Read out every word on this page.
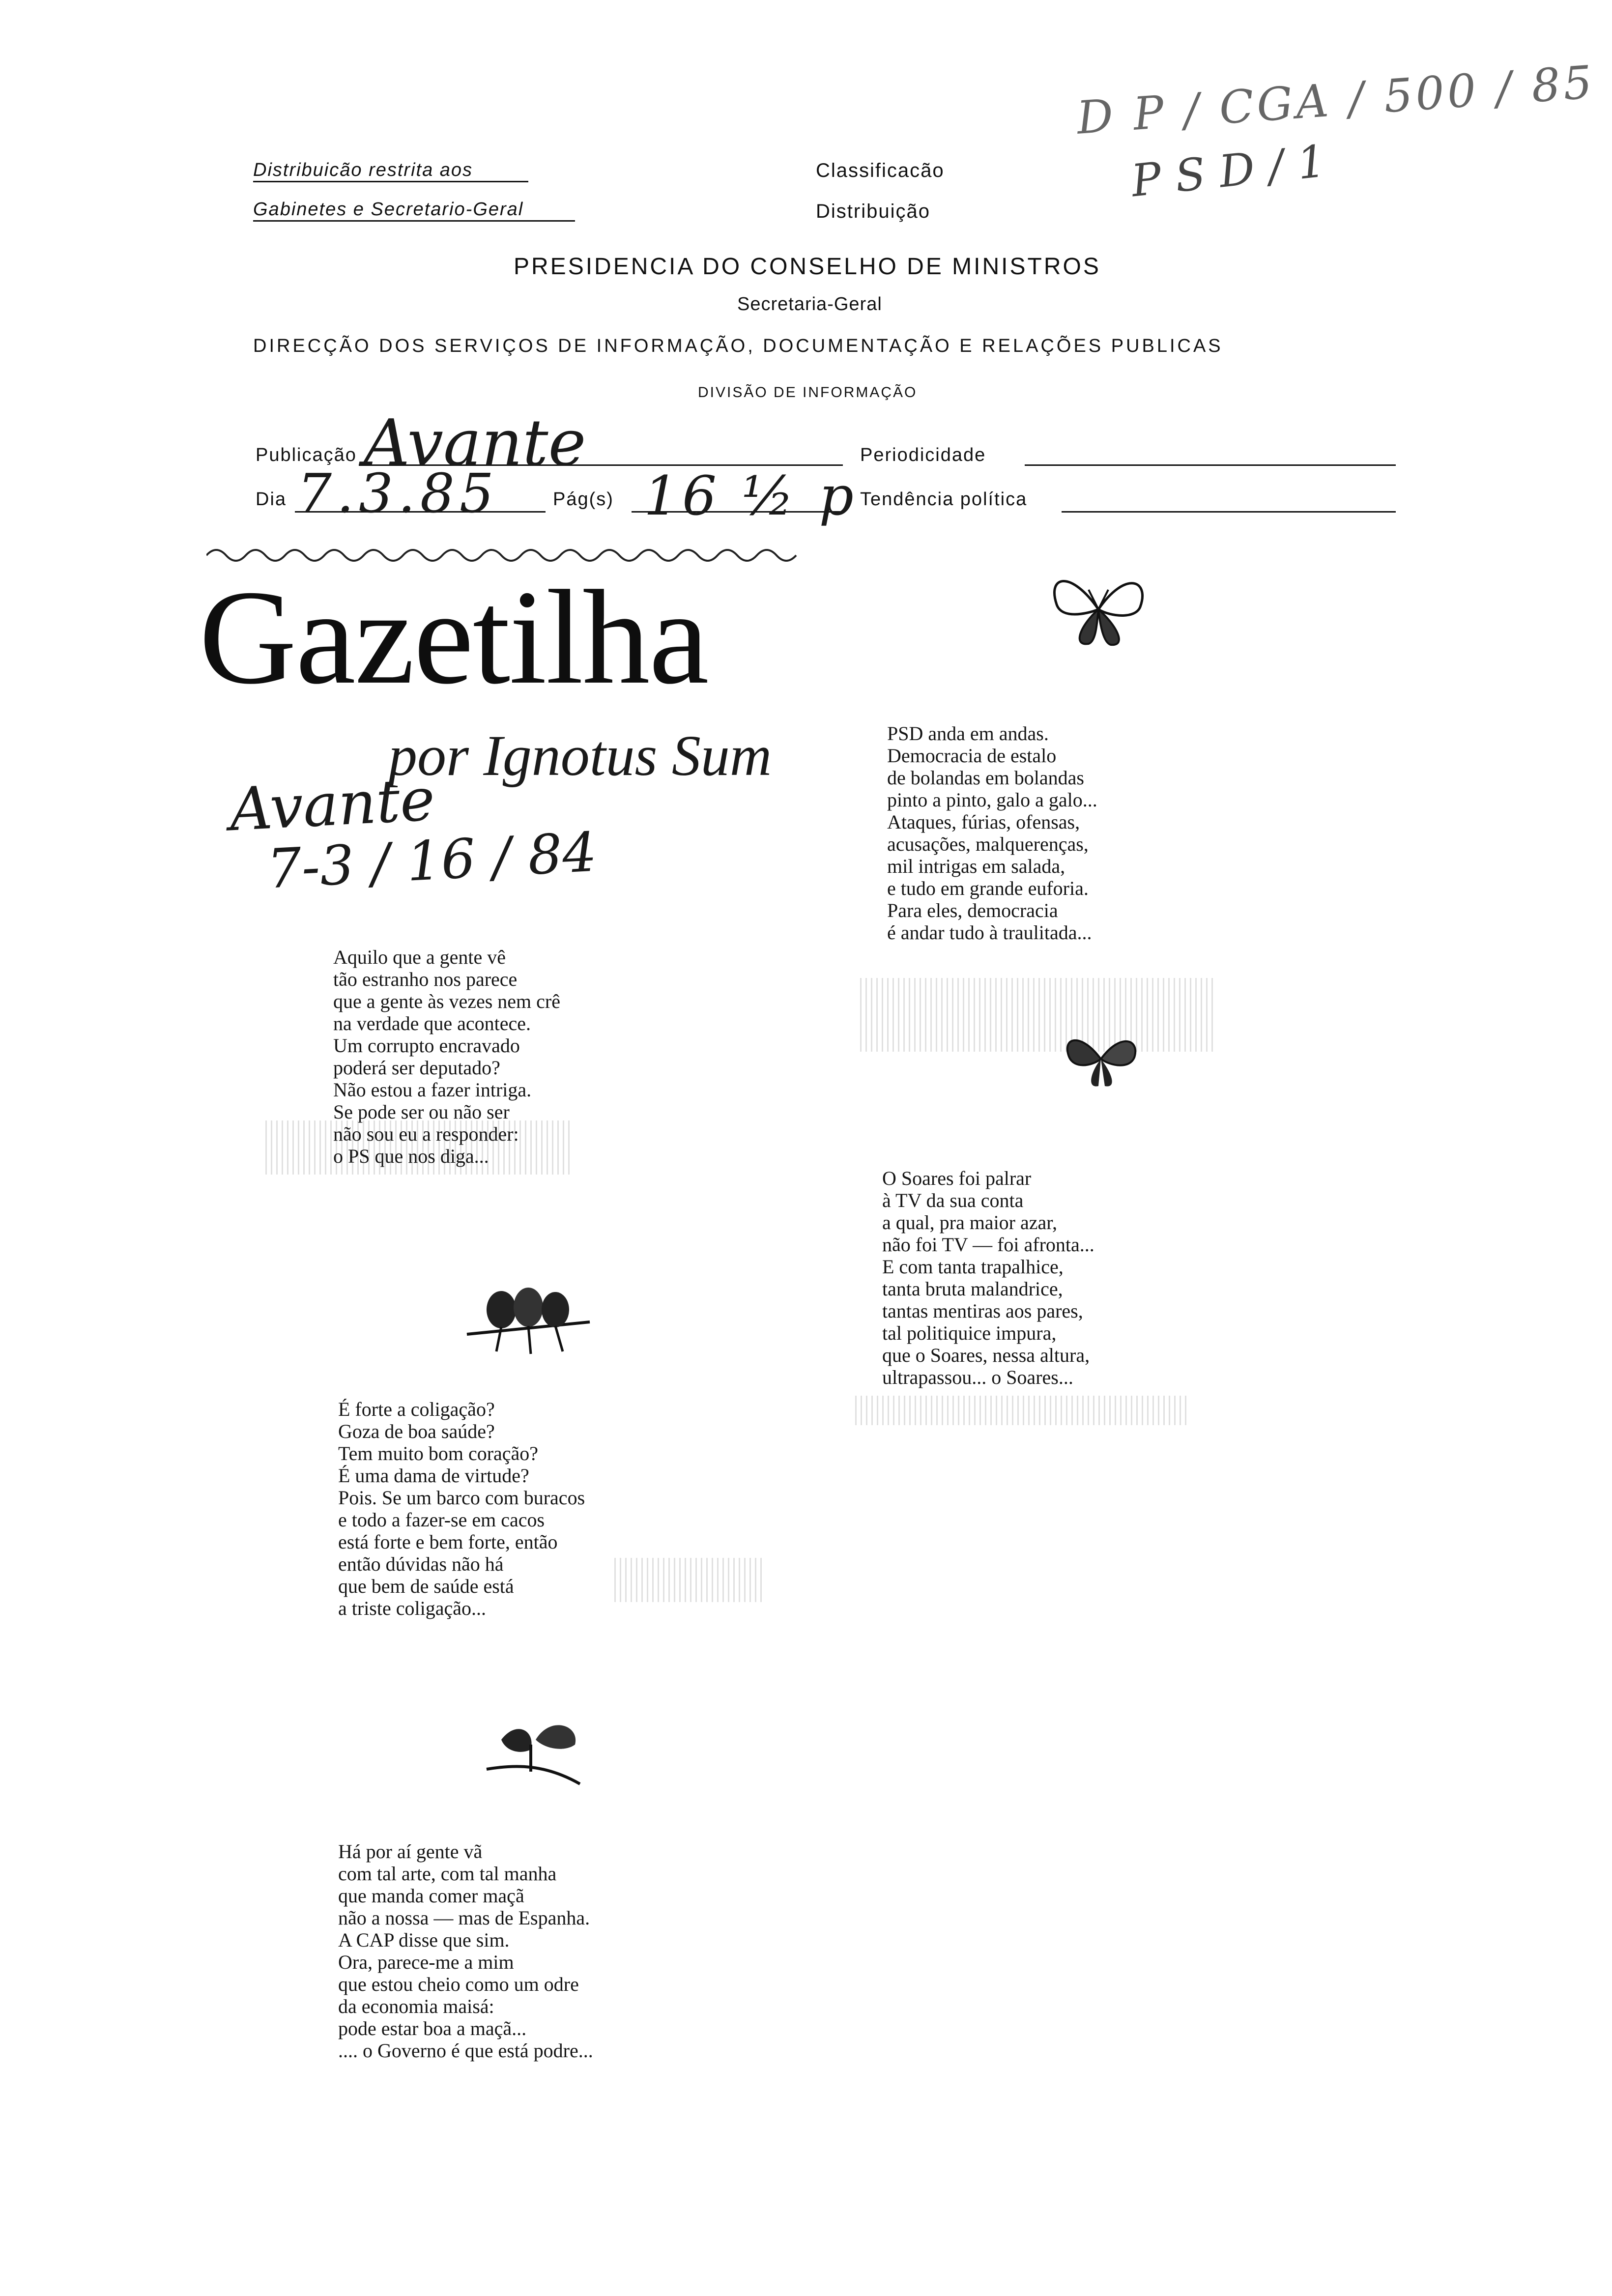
D P / CGA / 500 / 85
P S D / 1
Distribuicão restrita aos
Gabinetes e Secretario-Geral
Classificacão
Distribuição
PRESIDENCIA DO CONSELHO DE MINISTROS
Secretaria-Geral
DIRECÇÃO DOS SERVIÇOS DE INFORMAÇÃO, DOCUMENTAÇÃO E RELAÇÕES PUBLICAS
DIVISÃO DE INFORMAÇÃO
Publicação Avante	Periodicidade
Dia 7.3.85	Pág(s) 16 ½ p Tendência política
Gazetilha
por Ignotus Sum
Avante
7-3 / 16 / 84
Aquilo que a gente vê
tão estranho nos parece
que a gente às vezes nem crê
na verdade que acontece.
Um corrupto encravado
poderá ser deputado?
Não estou a fazer intriga.
Se pode ser ou não ser
não sou eu a responder:
o PS que nos diga...
É forte a coligação?
Goza de boa saúde?
Tem muito bom coração?
É uma dama de virtude?
Pois. Se um barco com buracos
e todo a fazer-se em cacos
está forte e bem forte, então
então dúvidas não há
que bem de saúde está
a triste coligação...
Há por aí gente vã
com tal arte, com tal manha
que manda comer maçã
não a nossa — mas de Espanha.
A CAP disse que sim.
Ora, parece-me a mim
que estou cheio como um odre
da economia maisá:
pode estar boa a maçã...
.... o Governo é que está podre...
PSD anda em andas.
Democracia de estalo
de bolandas em bolandas
pinto a pinto, galo a galo...
Ataques, fúrias, ofensas,
acusações, malquerenças,
mil intrigas em salada,
e tudo em grande euforia.
Para eles, democracia
é andar tudo à traulitada...
O Soares foi palrar
à TV da sua conta
a qual, pra maior azar,
não foi TV — foi afronta...
E com tanta trapalhice,
tanta bruta malandrice,
tantas mentiras aos pares,
tal politiquice impura,
que o Soares, nessa altura,
ultrapassou... o Soares...
